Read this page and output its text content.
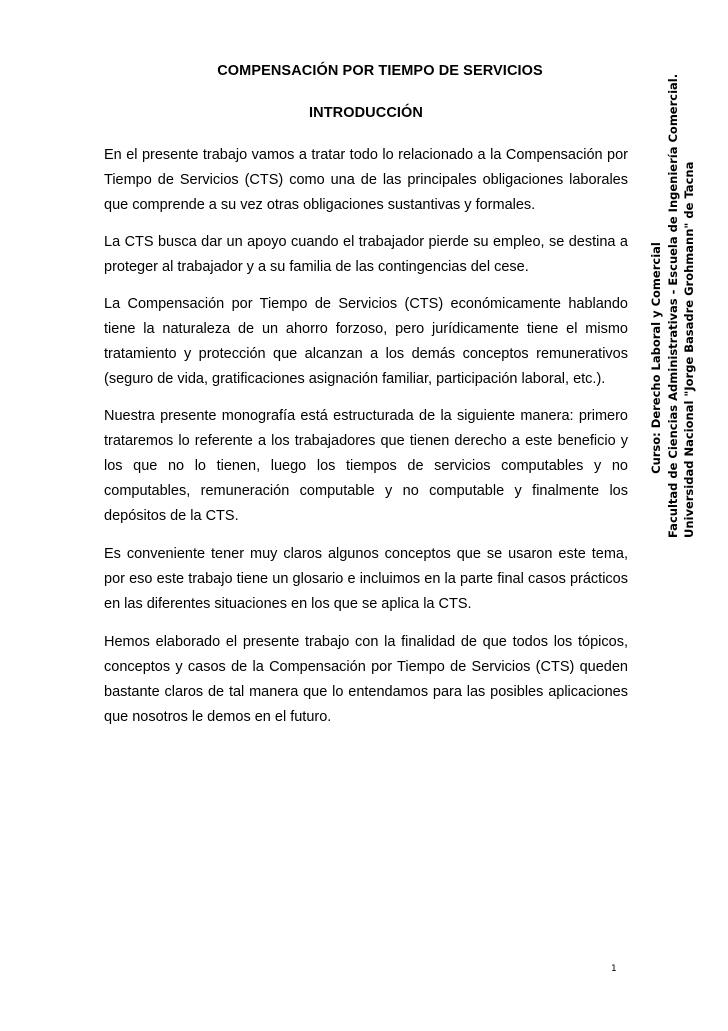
COMPENSACIÓN POR TIEMPO DE SERVICIOS
INTRODUCCIÓN

En el presente trabajo vamos a tratar todo lo relacionado a la Compensación por Tiempo de Servicios (CTS) como una de las principales obligaciones laborales que comprende a su vez otras obligaciones sustantivas y formales.

La CTS busca dar un apoyo cuando el trabajador pierde su empleo, se destina a proteger al trabajador y a su familia de las contingencias del cese.

La Compensación por Tiempo de Servicios (CTS) económicamente hablando tiene la naturaleza de un ahorro forzoso, pero jurídicamente tiene el mismo tratamiento y protección que alcanzan a los demás conceptos remunerativos (seguro de vida, gratificaciones asignación familiar, participación laboral, etc.).

Nuestra presente monografía está estructurada de la siguiente manera: primero trataremos lo referente a los trabajadores que tienen derecho a este beneficio y los que no lo tienen, luego los tiempos de servicios computables y no computables, remuneración computable y no computable y finalmente los depósitos de la CTS.

Es conveniente tener muy claros algunos conceptos que se usaron este tema, por eso este trabajo tiene un glosario e incluimos en la parte final casos prácticos en las diferentes situaciones en los que se aplica la CTS.

Hemos elaborado el presente trabajo con la finalidad de que todos los tópicos, conceptos y casos de la Compensación por Tiempo de Servicios (CTS) queden bastante claros de tal manera que lo entendamos para las posibles aplicaciones que nosotros le demos en el futuro.

Curso: Derecho Laboral y Comercial Facultad de Ciencias Administrativas - Escuela de Ingeniería Comercial. Universidad Nacional "Jorge Basadre Grohmann" de Tacna
1
